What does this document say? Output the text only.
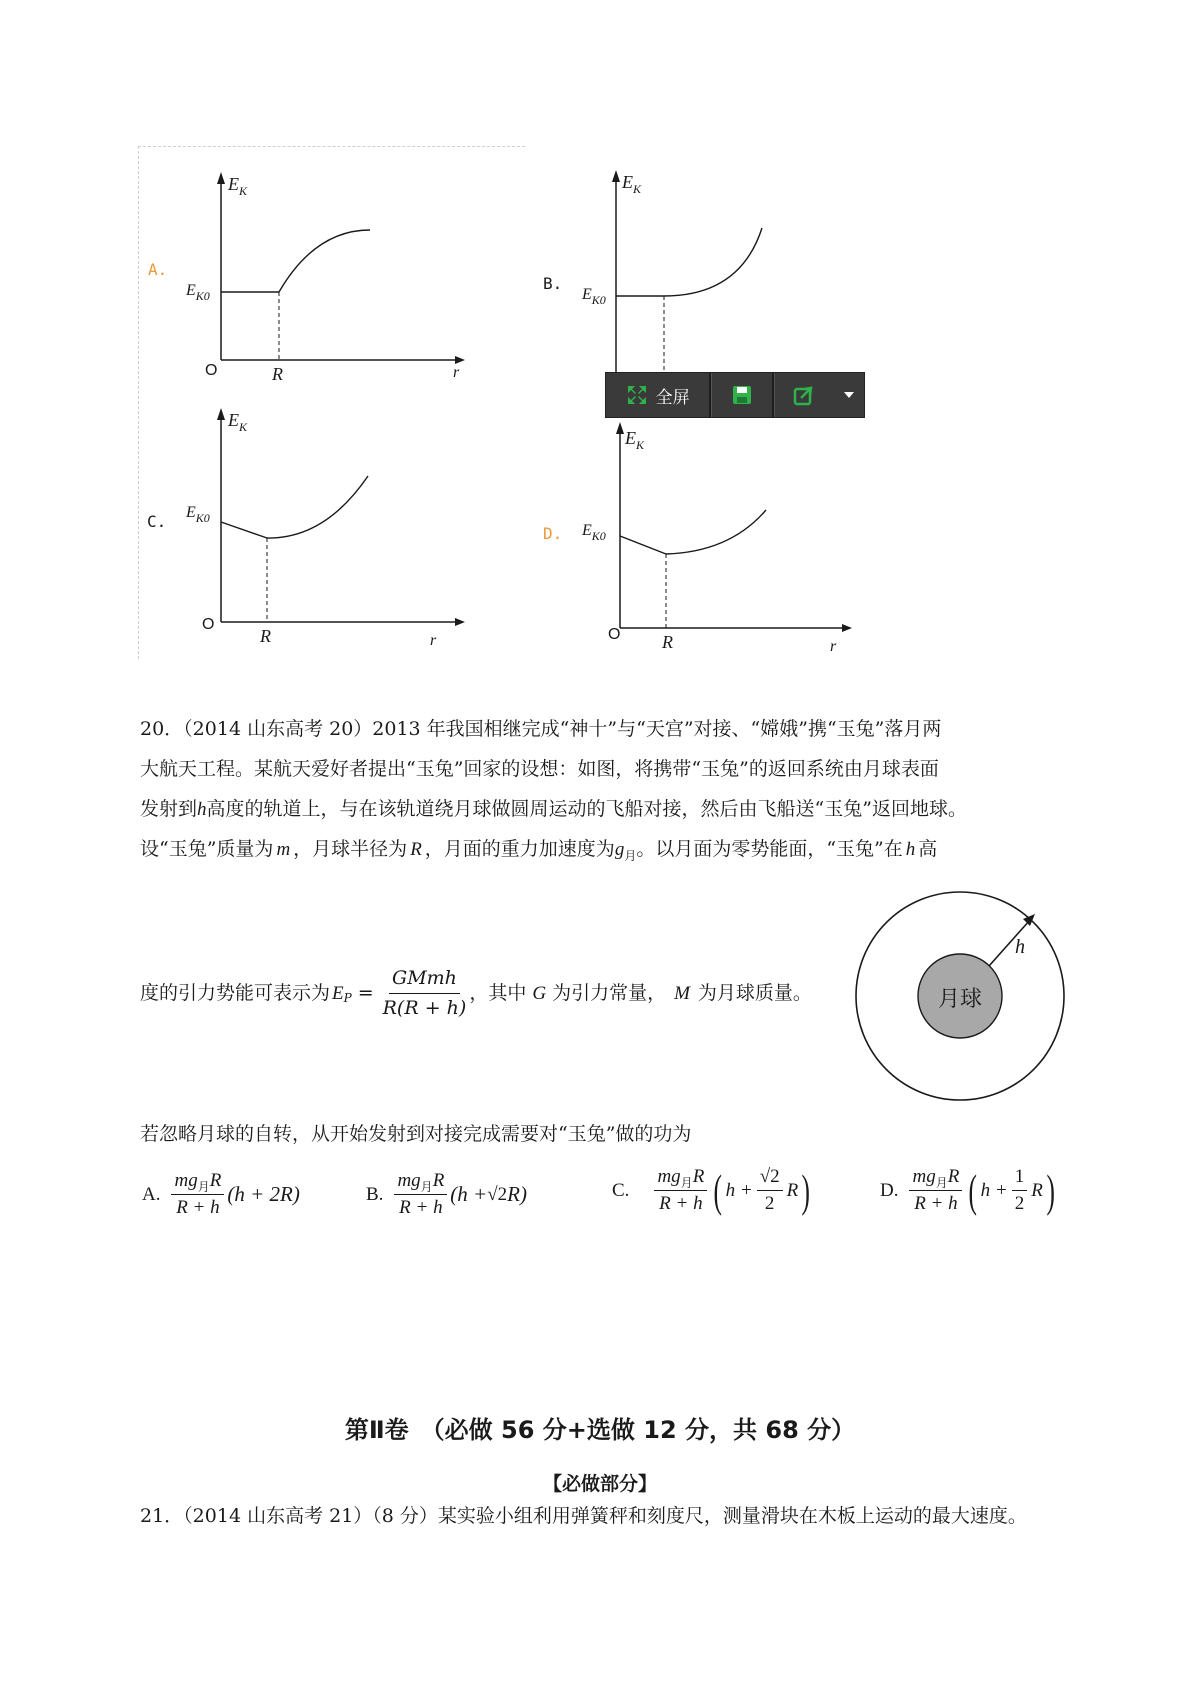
A.
$E_K$
$E_{K0}$
O	R	r
B.
$E_K$
$E_{K0}$
全屏
C.
$E_K$
$E_{K0}$
O
R	r
D.
$E_K$
$E_{K0}$
O R	r
20．（2014 山东高考 20）2013 年我国相继完成“神十”与“天宫”对接、“嫦娥”携“玉兔”落月两
大航天工程。某航天爱好者提出“玉兔”回家的设想：如图，将携带“玉兔”的返回系统由月球表面
发射到h高度的轨道上，与在该轨道绕月球做圆周运动的飞船对接，然后由飞船送“玉兔”返回地球。
设“玉兔”质量为 m ，月球半径为 R ，月面的重力加速度为$g_月$。以月面为零势能面，“玉兔”在 h 高
度的引力势能可表示为 E $P = \frac{\text{GMmh}}{R(R + h)}$ ，其中 G 为引力常量， M 为月球质量。	月球
h
若忽略月球的自转，从开始发射到对接完成需要对“玉兔”做的功为
A. $\frac{mg_月R}{R + h} (h + 2R)$	B. $\frac{mg_月R}{R + h} (h + √2$ R)	C. $\frac{mg_月R}{R + h}$ ( $h + \frac{√2}{2}$ R )	D. $\frac{mg_月R}{R + h}$ ( $h + \frac{1}{2}$ R )
第Ⅱ卷　（必做 56 分+选做 12 分，共 68 分）
【必做部分】
21．（2014 山东高考 21）（8 分）某实验小组利用弹簧秤和刻度尺，测量滑块在木板上运动的最大速度。
